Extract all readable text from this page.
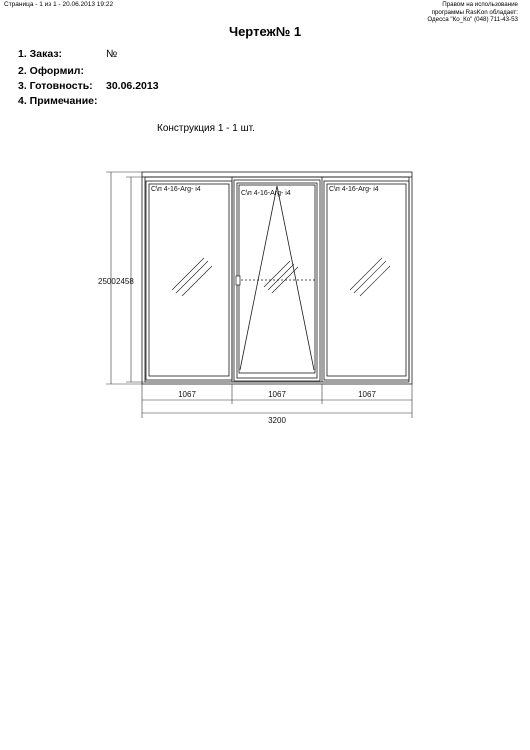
Страница - 1 из 1 - 20.06.2013 19:22	Правом на использование
программы RasKon обладает:
Одесса "Ко_Ко" (048) 711-43-53
Чертеж№ 1
1. Заказ:	№
2. Оформил:
3. Готовность: 30.06.2013
4. Примечание:
Конструкция 1 - 1 шт.
С\п 4-16-Arg- i4
С\п 4-16-Arg- i4
С\п 4-16-Arg- i4
2500 2458
1067	1067	1067
3200
